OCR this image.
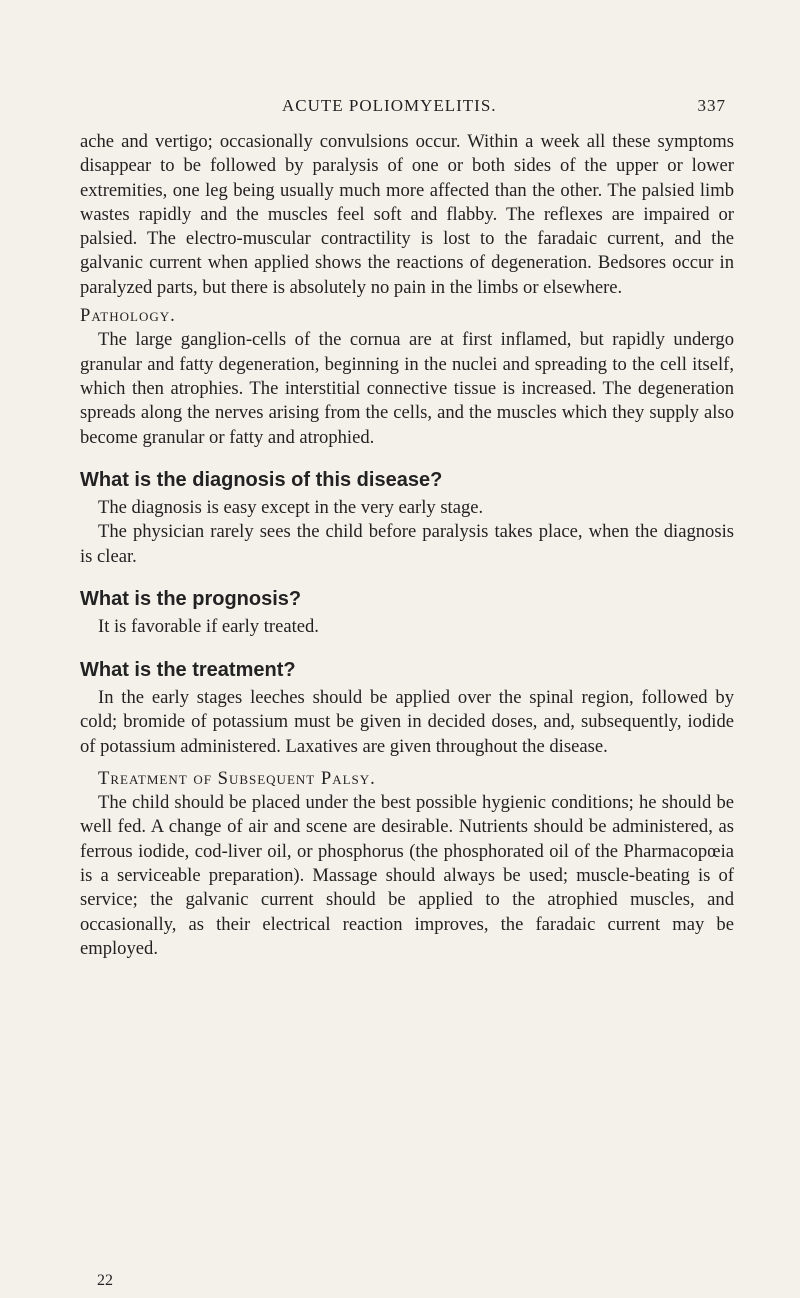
ACUTE POLIOMYELITIS.	337

ache and vertigo; occasionally convulsions occur. Within a week all these symptoms disappear to be followed by paralysis of one or both sides of the upper or lower extremities, one leg being usually much more affected than the other. The palsied limb wastes rapidly and the muscles feel soft and flabby. The reflexes are impaired or palsied. The electro-muscular contractility is lost to the faradaic current, and the galvanic current when applied shows the reactions of degeneration. Bedsores occur in paralyzed parts, but there is absolutely no pain in the limbs or elsewhere.

Pathology.

The large ganglion-cells of the cornua are at first inflamed, but rapidly undergo granular and fatty degeneration, beginning in the nuclei and spreading to the cell itself, which then atrophies. The interstitial connective tissue is increased. The degeneration spreads along the nerves arising from the cells, and the muscles which they supply also become granular or fatty and atrophied.

What is the diagnosis of this disease?

The diagnosis is easy except in the very early stage.

The physician rarely sees the child before paralysis takes place, when the diagnosis is clear.

What is the prognosis?

It is favorable if early treated.

What is the treatment?

In the early stages leeches should be applied over the spinal region, followed by cold; bromide of potassium must be given in decided doses, and, subsequently, iodide of potassium administered. Laxatives are given throughout the disease.

Treatment of Subsequent Palsy.

The child should be placed under the best possible hygienic conditions; he should be well fed. A change of air and scene are desirable. Nutrients should be administered, as ferrous iodide, cod-liver oil, or phosphorus (the phosphorated oil of the Pharmacopœia is a serviceable preparation). Massage should always be used; muscle-beating is of service; the galvanic current should be applied to the atrophied muscles, and occasionally, as their electrical reaction improves, the faradaic current may be employed.

22
